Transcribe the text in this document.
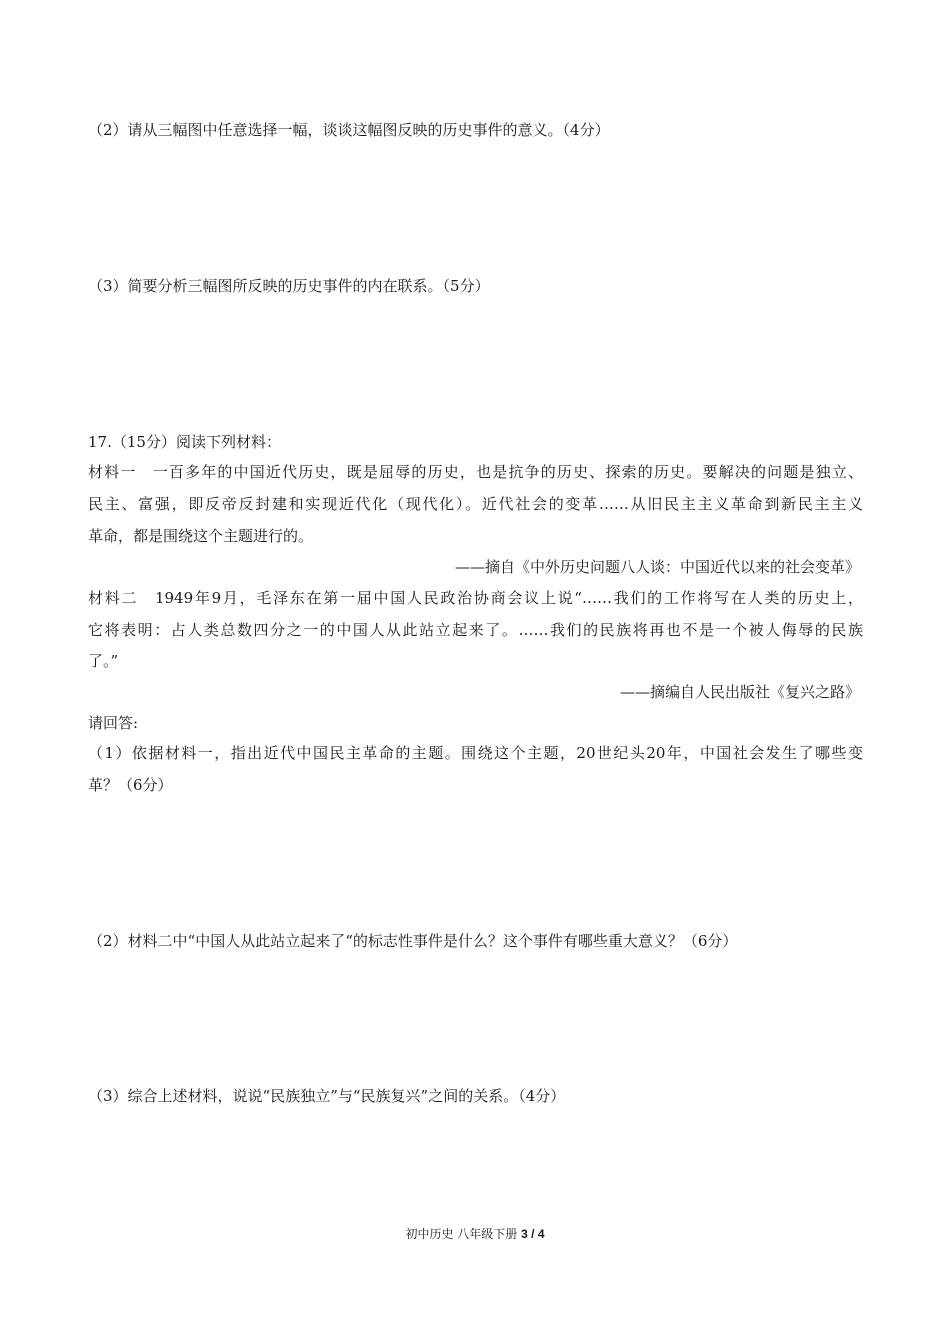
（2）请从三幅图中任意选择一幅，谈谈这幅图反映的历史事件的意义。（4分）
（3）简要分析三幅图所反映的历史事件的内在联系。（5分）
17.（15分）阅读下列材料：
材料一　一百多年的中国近代历史，既是屈辱的历史，也是抗争的历史、探索的历史。要解决的问题是独立、
民主、富强，即反帝反封建和实现近代化（现代化）。近代社会的变革……从旧民主主义革命到新民主主义
革命，都是围绕这个主题进行的。
——摘自《中外历史问题八人谈：中国近代以来的社会变革》
材料二　1949年9月，毛泽东在第一届中国人民政治协商会议上说“……我们的工作将写在人类的历史上，
它将表明：占人类总数四分之一的中国人从此站立起来了。……我们的民族将再也不是一个被人侮辱的民族
了。”
——摘编自人民出版社《复兴之路》
请回答:
（1）依据材料一，指出近代中国民主革命的主题。围绕这个主题，20世纪头20年，中国社会发生了哪些变
革？（6分）
（2）材料二中“中国人从此站立起来了“的标志性事件是什么？这个事件有哪些重大意义？（6分）
（3）综合上述材料，说说“民族独立”与“民族复兴”之间的关系。（4分）
初中历史 八年级下册 3 / 4
